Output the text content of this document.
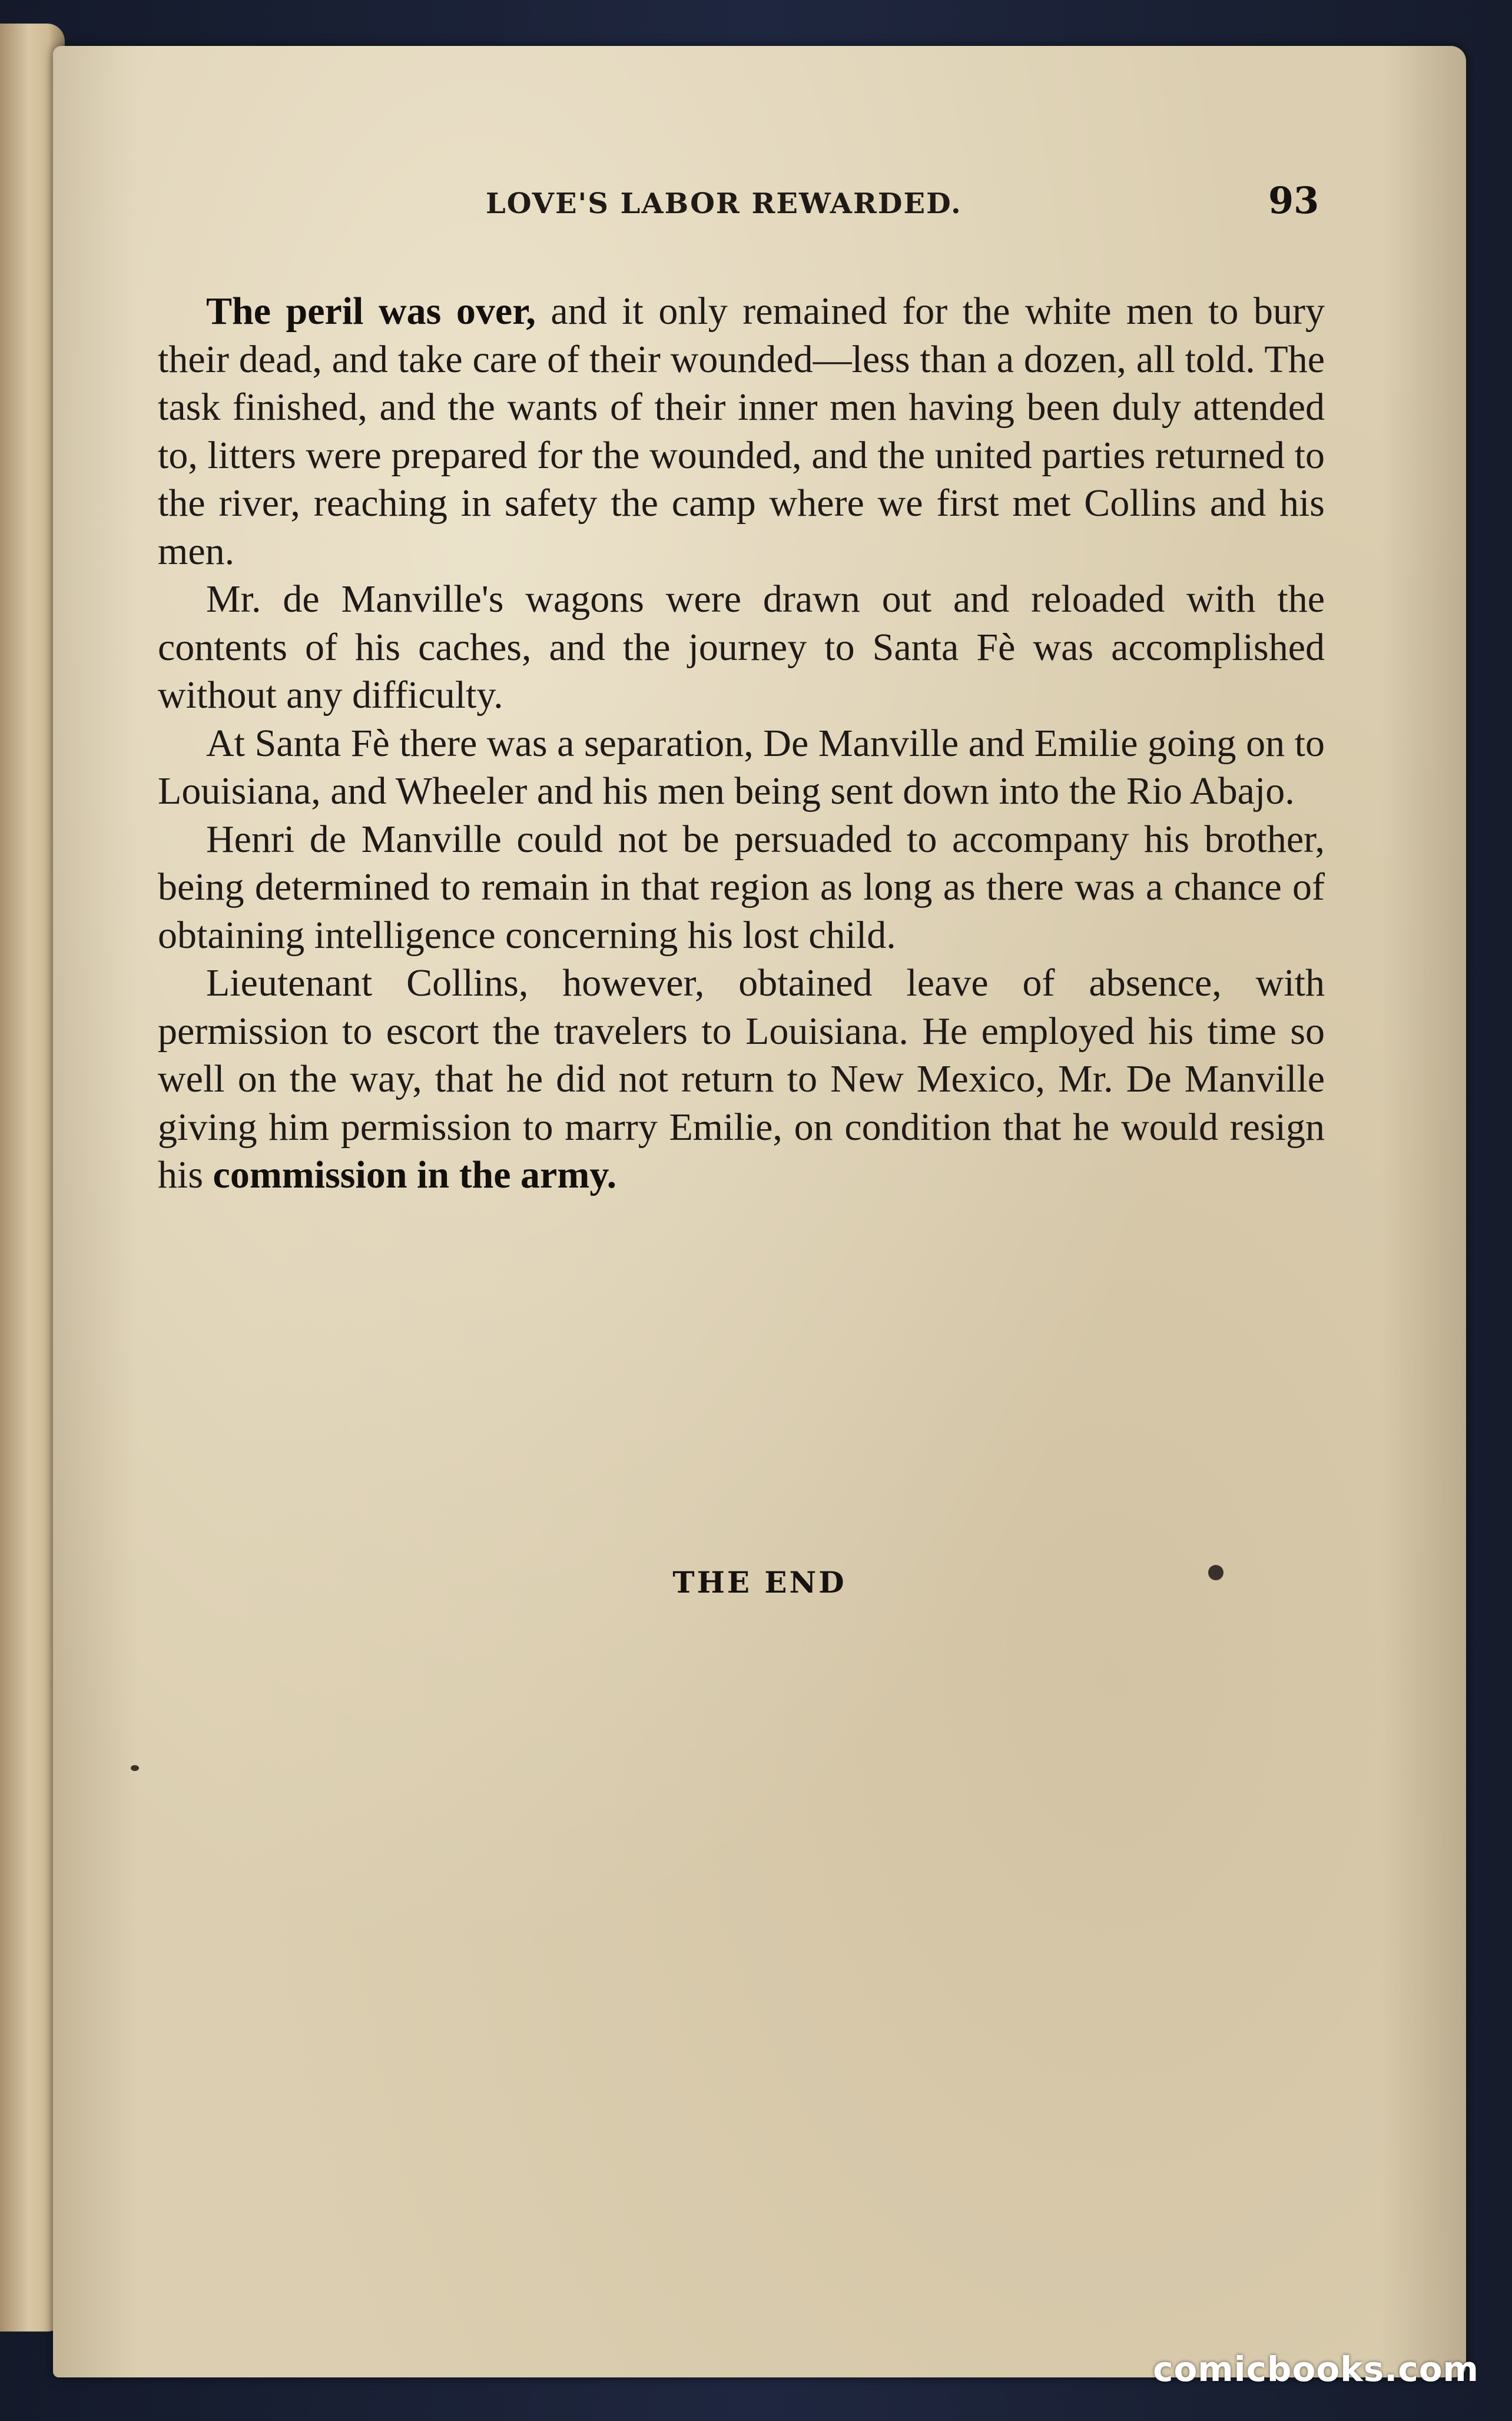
LOVE'S LABOR REWARDED.	93

The peril was over, and it only remained for the white men to bury their dead, and take care of their wounded—less than a dozen, all told. The task finished, and the wants of their inner men having been duly attended to, litters were prepared for the wounded, and the united parties returned to the river, reaching in safety the camp where we first met Collins and his men.

Mr. de Manville's wagons were drawn out and reloaded with the contents of his caches, and the journey to Santa Fè was accomplished without any difficulty.

At Santa Fè there was a separation, De Manville and Emilie going on to Louisiana, and Wheeler and his men being sent down into the Rio Abajo.

Henri de Manville could not be persuaded to accompany his brother, being determined to remain in that region as long as there was a chance of obtaining intelligence concerning his lost child.

Lieutenant Collins, however, obtained leave of absence, with permission to escort the travelers to Louisiana. He employed his time so well on the way, that he did not return to New Mexico, Mr. De Manville giving him permission to marry Emilie, on condition that he would resign his commission in the army.

THE END
comicbooks.com
